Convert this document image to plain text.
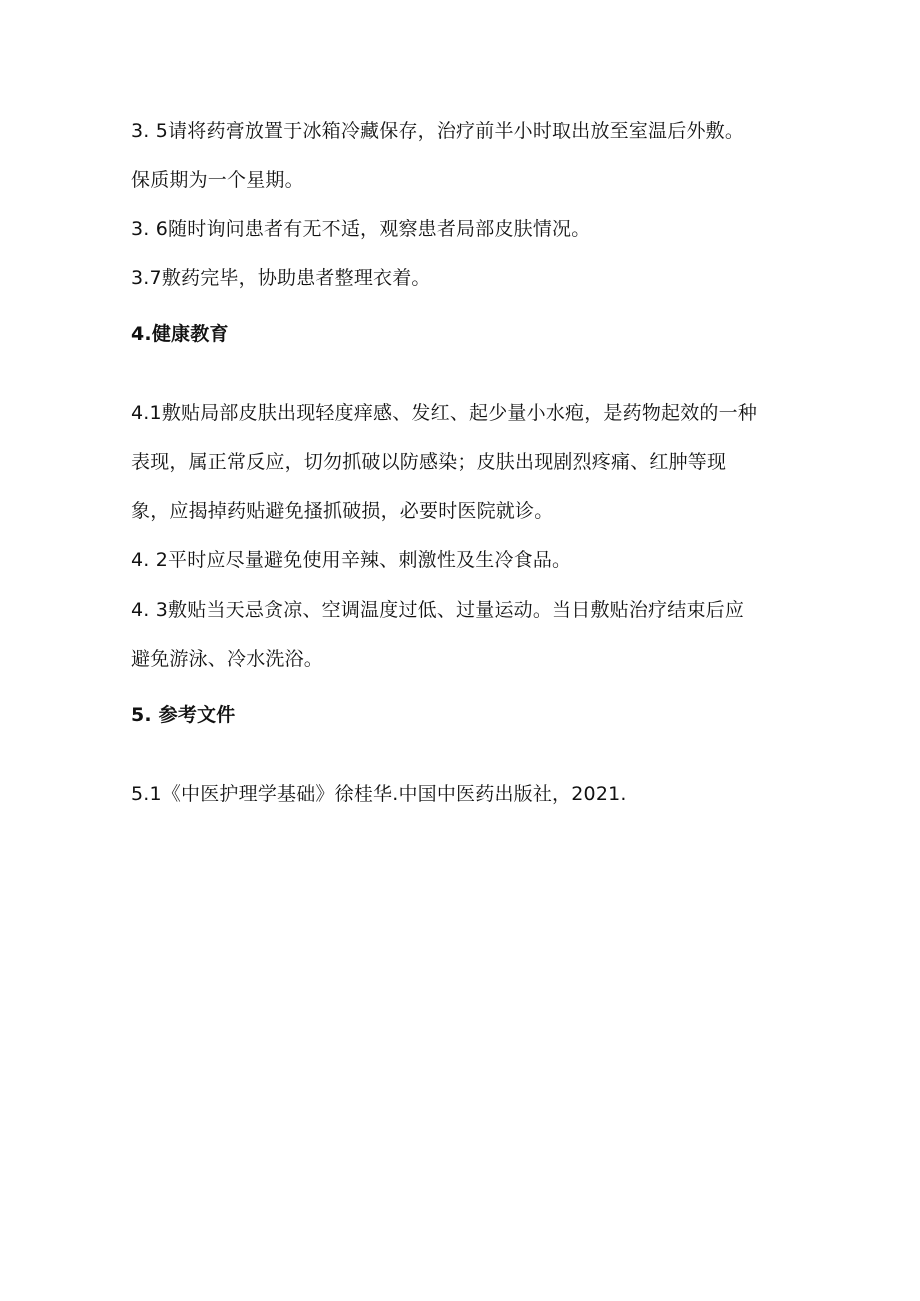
3. 5请将药膏放置于冰箱冷藏保存，治疗前半小时取出放至室温后外敷。
保质期为一个星期。
3. 6随时询问患者有无不适，观察患者局部皮肤情况。
3.7敷药完毕，协助患者整理衣着。
4.健康教育
4.1敷贴局部皮肤出现轻度痒感、发红、起少量小水疱，是药物起效的一种
表现，属正常反应，切勿抓破以防感染；皮肤出现剧烈疼痛、红肿等现
象，应揭掉药贴避免搔抓破损，必要时医院就诊。
4. 2平时应尽量避免使用辛辣、刺激性及生冷食品。
4. 3敷贴当天忌贪凉、空调温度过低、过量运动。当日敷贴治疗结束后应
避免游泳、冷水洗浴。
5. 参考文件
5.1《中医护理学基础》徐桂华.中国中医药出版社，2021.
